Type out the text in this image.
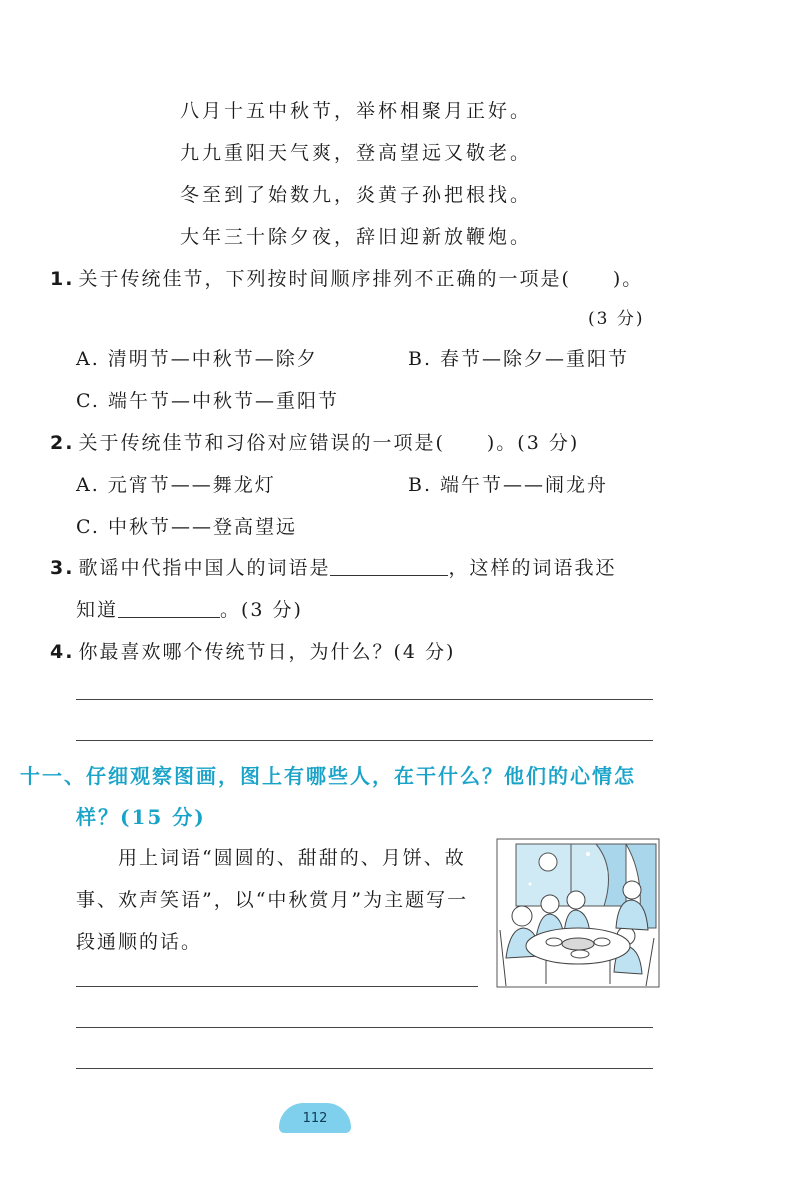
八月十五中秋节，举杯相聚月正好。
九九重阳天气爽，登高望远又敬老。
冬至到了始数九，炎黄子孙把根找。
大年三十除夕夜，辞旧迎新放鞭炮。
1. 关于传统佳节，下列按时间顺序排列不正确的一项是(　　)。
(3 分)
A. 清明节—中秋节—除夕	B. 春节—除夕—重阳节
C. 端午节—中秋节—重阳节
2. 关于传统佳节和习俗对应错误的一项是(　　)。(3 分)
A. 元宵节——舞龙灯	B. 端午节——闹龙舟
C. 中秋节——登高望远
3. 歌谣中代指中国人的词语是	，这样的词语我还
知道	。(3 分)
4. 你最喜欢哪个传统节日，为什么？(4 分)
十一、仔细观察图画，图上有哪些人，在干什么？他们的心情怎
样？(15 分)
用上词语“圆圆的、甜甜的、月饼、故
事、欢声笑语”，以“中秋赏月”为主题写一
段通顺的话。
112
